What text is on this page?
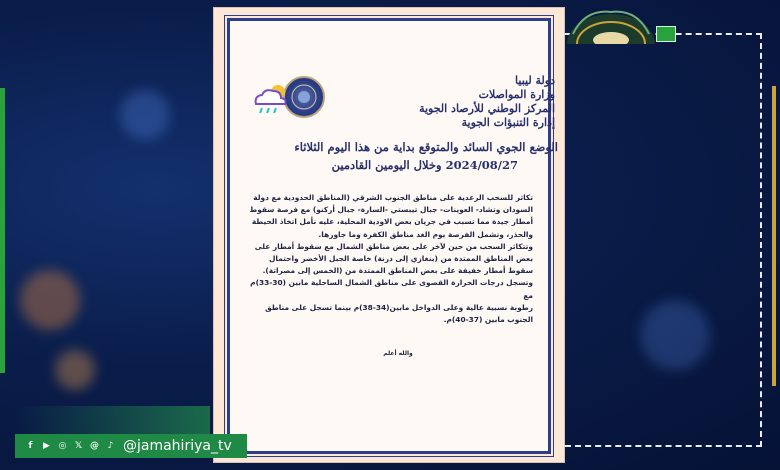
دولة ليبيا
وزارة المواصلات
المركز الوطني للأرصاد الجوية
إدارة التنبؤات الجوية
الوضع الجوي السائد والمتوقع بداية من هذا اليوم الثلاثاء
2024/08/27 وخلال اليومين القادمين
تكاثر للسحب الرعدية على مناطق الجنوب الشرقي (المناطق الحدودية مع دولة
السودان وتشاد- العوينات- جبال تيبستي -السارة- جبال أركنو) مع فرصة سقوط
أمطار جيدة مما تسبب في جريان بعض الاودية المحلية، عليه نأمل اتخاذ الحيطة
والحذر، وتشمل الفرصة يوم الغد مناطق الكفرة وما جاورها.
وتتكاثر السحب من حين لآخر على بعض مناطق الشمال مع سقوط أمطار على
بعض المناطق الممتدة من (بنغازي إلى درنة) خاصة الجبل الأخضر واحتمال
سقوط أمطار خفيفة على بعض المناطق الممتدة من (الخمس إلى مصراتة).
وتسجل درجات الحرارة القصوى على مناطق الشمال الساحلية مابين (30-33)م مع
رطوبة نسبية عالية وعلى الدواخل مابين(34-38)م بينما تسجل على مناطق
الجنوب مابين (37-40)م.
والله أعلم
f	▶ ◎ 𝕏 @ ♪ @jamahiriya_tv
